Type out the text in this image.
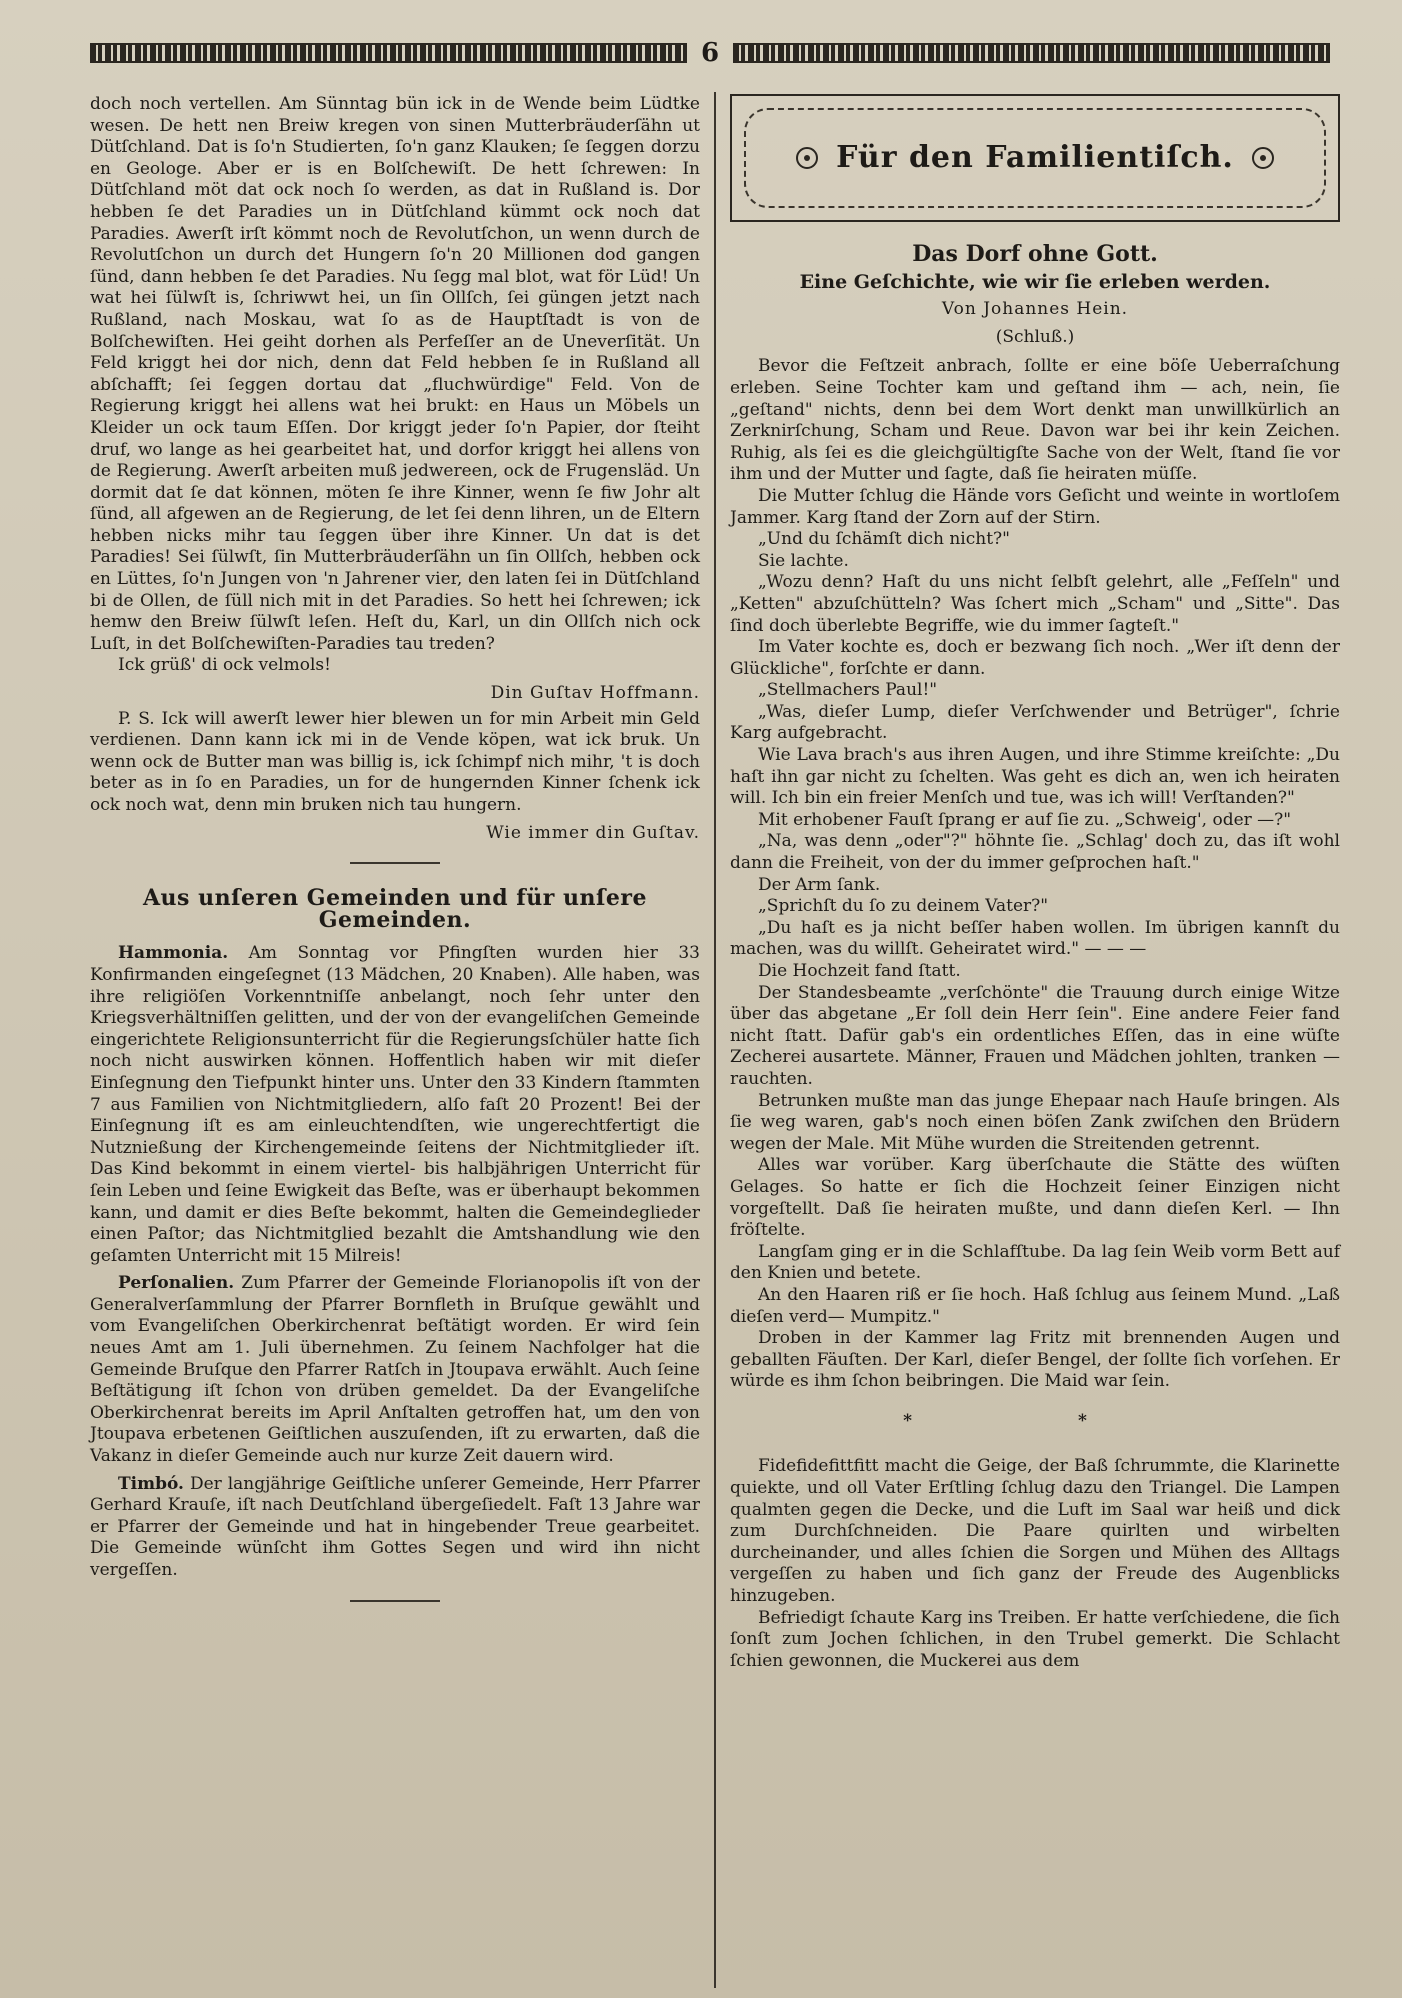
6

doch noch vertellen. Am Sünntag bün ick in de Wende beim Lüdtke wesen. De hett nen Breiw kregen von sinen Mutterbräuderſähn ut Dütſchland. Dat is ſo'n Studierten, ſo'n ganz Klauken; ſe ſeggen dorzu en Geologe. Aber er is en Bolſchewiſt. De hett ſchrewen: In Dütſchland möt dat ock noch ſo werden, as dat in Rußland is. Dor hebben ſe det Paradies un in Dütſchland kümmt ock noch dat Paradies. Awerſt irſt kömmt noch de Revolutſchon, un wenn durch de Revolutſchon un durch det Hungern ſo'n 20 Millionen dod gangen ſünd, dann hebben ſe det Paradies. Nu ſegg mal blot, wat för Lüd! Un wat hei ſülwſt is, ſchriwwt hei, un ſin Ollſch, ſei güngen jetzt nach Rußland, nach Moskau, wat ſo as de Hauptſtadt is von de Bolſchewiſten. Hei geiht dorhen als Perfeſſer an de Uneverſität. Un Feld kriggt hei dor nich, denn dat Feld hebben ſe in Rußland all abſchafft; ſei ſeggen dortau dat „fluchwürdige" Feld. Von de Regierung kriggt hei allens wat hei brukt: en Haus un Möbels un Kleider un ock taum Eſſen. Dor kriggt jeder ſo'n Papier, dor ſteiht druf, wo lange as hei gearbeitet hat, und dorfor kriggt hei allens von de Regierung. Awerſt arbeiten muß jedwereen, ock de Frugensläd. Un dormit dat ſe dat können, möten ſe ihre Kinner, wenn ſe fiw Johr alt ſünd, all afgewen an de Regierung, de let ſei denn lihren, un de Eltern hebben nicks mihr tau ſeggen über ihre Kinner. Un dat is det Paradies! Sei ſülwſt, ſin Mutterbräuderſähn un ſin Ollſch, hebben ock en Lüttes, ſo'n Jungen von 'n Jahrener vier, den laten ſei in Dütſchland bi de Ollen, de ſüll nich mit in det Paradies. So hett hei ſchrewen; ick hemw den Breiw ſülwſt leſen. Heſt du, Karl, un din Ollſch nich ock Luſt, in det Bolſchewiſten-Paradies tau treden?

Ick grüß' di ock velmols!

Din Guſtav Hoffmann.

P. S. Ick will awerſt lewer hier blewen un for min Arbeit min Geld verdienen. Dann kann ick mi in de Vende köpen, wat ick bruk. Un wenn ock de Butter man was billig is, ick ſchimpf nich mihr, 't is doch beter as in ſo en Paradies, un for de hungernden Kinner ſchenk ick ock noch wat, denn min bruken nich tau hungern.

Wie immer din Guſtav.
Aus unſeren Gemeinden und für unſere Gemeinden.

Hammonia. Am Sonntag vor Pfingſten wurden hier 33 Konfirmanden eingeſegnet (13 Mädchen, 20 Knaben). Alle haben, was ihre religiöſen Vorkenntniſſe anbelangt, noch ſehr unter den Kriegsverhältniſſen gelitten, und der von der evangeliſchen Gemeinde eingerichtete Religionsunterricht für die Regierungsſchüler hatte ſich noch nicht auswirken können. Hoffentlich haben wir mit dieſer Einſegnung den Tiefpunkt hinter uns. Unter den 33 Kindern ſtammten 7 aus Familien von Nichtmitgliedern, alſo faſt 20 Prozent! Bei der Einſegnung iſt es am einleuchtendſten, wie ungerechtfertigt die Nutznießung der Kirchengemeinde ſeitens der Nichtmitglieder iſt. Das Kind bekommt in einem viertel- bis halbjährigen Unterricht für ſein Leben und ſeine Ewigkeit das Beſte, was er überhaupt bekommen kann, und damit er dies Beſte bekommt, halten die Gemeindeglieder einen Paſtor; das Nichtmitglied bezahlt die Amtshandlung wie den geſamten Unterricht mit 15 Milreis!

Perſonalien. Zum Pfarrer der Gemeinde Florianopolis iſt von der Generalverſammlung der Pfarrer Bornfleth in Bruſque gewählt und vom Evangeliſchen Oberkirchenrat beſtätigt worden. Er wird ſein neues Amt am 1. Juli übernehmen. Zu ſeinem Nachfolger hat die Gemeinde Bruſque den Pfarrer Ratſch in Jtoupava erwählt. Auch ſeine Beſtätigung iſt ſchon von drüben gemeldet. Da der Evangeliſche Oberkirchenrat bereits im April Anſtalten getroffen hat, um den von Jtoupava erbetenen Geiſtlichen auszuſenden, iſt zu erwarten, daß die Vakanz in dieſer Gemeinde auch nur kurze Zeit dauern wird.

Timbó. Der langjährige Geiſtliche unſerer Gemeinde, Herr Pfarrer Gerhard Krauſe, iſt nach Deutſchland übergeſiedelt. Faſt 13 Jahre war er Pfarrer der Gemeinde und hat in hingebender Treue gearbeitet. Die Gemeinde wünſcht ihm Gottes Segen und wird ihn nicht vergeſſen.

Für den Familientiſch.
Das Dorf ohne Gott.
Eine Geſchichte, wie wir ſie erleben werden.
Von Johannes Hein.
(Schluß.)

Bevor die Feſtzeit anbrach, ſollte er eine böſe Ueberraſchung erleben. Seine Tochter kam und geſtand ihm — ach, nein, ſie „geſtand" nichts, denn bei dem Wort denkt man unwillkürlich an Zerknirſchung, Scham und Reue. Davon war bei ihr kein Zeichen. Ruhig, als ſei es die gleichgültigſte Sache von der Welt, ſtand ſie vor ihm und der Mutter und ſagte, daß ſie heiraten müſſe.

Die Mutter ſchlug die Hände vors Geſicht und weinte in wortloſem Jammer. Karg ſtand der Zorn auf der Stirn.

„Und du ſchämſt dich nicht?"

Sie lachte.

„Wozu denn? Haſt du uns nicht ſelbſt gelehrt, alle „Feſſeln" und „Ketten" abzuſchütteln? Was ſchert mich „Scham" und „Sitte". Das ſind doch überlebte Begriffe, wie du immer ſagteſt."

Im Vater kochte es, doch er bezwang ſich noch. „Wer iſt denn der Glückliche", forſchte er dann.

„Stellmachers Paul!"

„Was, dieſer Lump, dieſer Verſchwender und Betrüger", ſchrie Karg aufgebracht.

Wie Lava brach's aus ihren Augen, und ihre Stimme kreiſchte: „Du haſt ihn gar nicht zu ſchelten. Was geht es dich an, wen ich heiraten will. Ich bin ein freier Menſch und tue, was ich will! Verſtanden?"

Mit erhobener Fauſt ſprang er auf ſie zu. „Schweig', oder —?"

„Na, was denn „oder"?" höhnte ſie. „Schlag' doch zu, das iſt wohl dann die Freiheit, von der du immer geſprochen haſt."

Der Arm ſank.

„Sprichſt du ſo zu deinem Vater?"

„Du haſt es ja nicht beſſer haben wollen. Im übrigen kannſt du machen, was du willſt. Geheiratet wird." — — —

Die Hochzeit fand ſtatt.

Der Standesbeamte „verſchönte" die Trauung durch einige Witze über das abgetane „Er ſoll dein Herr ſein". Eine andere Feier fand nicht ſtatt. Dafür gab's ein ordentliches Eſſen, das in eine wüſte Zecherei ausartete. Männer, Frauen und Mädchen johlten, tranken — rauchten.

Betrunken mußte man das junge Ehepaar nach Hauſe bringen. Als ſie weg waren, gab's noch einen böſen Zank zwiſchen den Brüdern wegen der Male. Mit Mühe wurden die Streitenden getrennt.

Alles war vorüber. Karg überſchaute die Stätte des wüſten Gelages. So hatte er ſich die Hochzeit ſeiner Einzigen nicht vorgeſtellt. Daß ſie heiraten mußte, und dann dieſen Kerl. — Ihn fröſtelte.

Langſam ging er in die Schlafſtube. Da lag ſein Weib vorm Bett auf den Knien und betete.

An den Haaren riß er ſie hoch. Haß ſchlug aus ſeinem Mund. „Laß dieſen verd— Mumpitz."

Droben in der Kammer lag Fritz mit brennenden Augen und geballten Fäuſten. Der Karl, dieſer Bengel, der ſollte ſich vorſehen. Er würde es ihm ſchon beibringen. Die Maid war ſein.

* *

Fidefidefittfitt macht die Geige, der Baß ſchrummte, die Klarinette quiekte, und oll Vater Erſtling ſchlug dazu den Triangel. Die Lampen qualmten gegen die Decke, und die Luft im Saal war heiß und dick zum Durchſchneiden. Die Paare quirlten und wirbelten durcheinander, und alles ſchien die Sorgen und Mühen des Alltags vergeſſen zu haben und ſich ganz der Freude des Augenblicks hinzugeben.

Befriedigt ſchaute Karg ins Treiben. Er hatte verſchiedene, die ſich ſonſt zum Jochen ſchlichen, in den Trubel gemerkt. Die Schlacht ſchien gewonnen, die Muckerei aus dem
